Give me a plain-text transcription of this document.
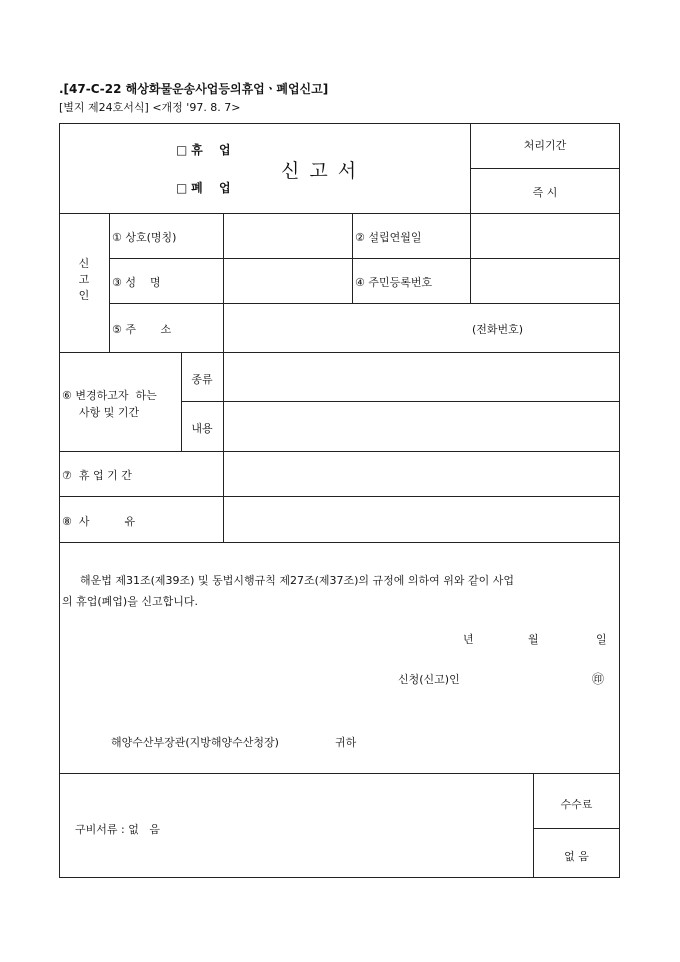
.[47-C-22 해상화물운송사업등의휴업ㆍ폐업신고]
[별지 제24호서식] <개정 '97. 8. 7>
□ 휴 업
□ 폐 업
신 고 서
처리기간
즉 시
신
고
인
① 상호(명칭)	② 설립연월일
③ 성    명	④ 주민등록번호
⑤ 주       소	(전화번호)
⑥ 변경하고자  하는
사항 및 기간
종류
내용
⑦  휴 업 기 간
⑧  사          유
해운법 제31조(제39조) 및 동법시행규칙 제27조(제37조)의 규정에 의하여 위와 같이 사업
의 휴업(폐업)을 신고합니다.
년	월	일
신청(신고)인	㊞
해양수산부장관(지방해양수산청장)	귀하
구비서류 : 없   음
수수료
없 음
